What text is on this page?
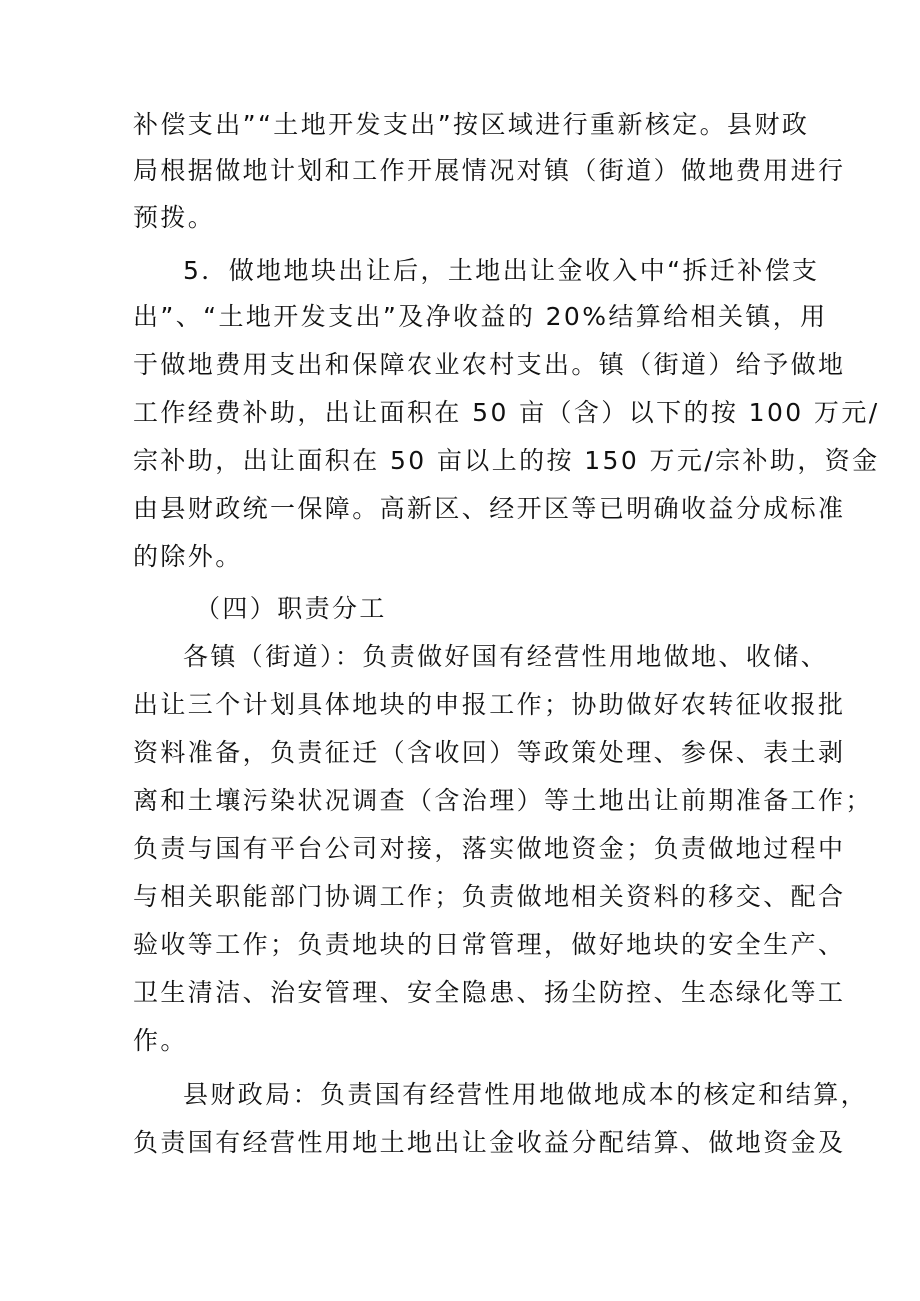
补偿支出”“土地开发支出”按区域进行重新核定。县财政
局根据做地计划和工作开展情况对镇（街道）做地费用进行
预拨。
5．做地地块出让后，土地出让金收入中“拆迁补偿支
出”、“土地开发支出”及净收益的 20%结算给相关镇，用
于做地费用支出和保障农业农村支出。镇（街道）给予做地
工作经费补助，出让面积在 50 亩（含）以下的按 100 万元/
宗补助，出让面积在 50 亩以上的按 150 万元/宗补助，资金
由县财政统一保障。高新区、经开区等已明确收益分成标准
的除外。
（四）职责分工
各镇（街道）：负责做好国有经营性用地做地、收储、
出让三个计划具体地块的申报工作；协助做好农转征收报批
资料准备，负责征迁（含收回）等政策处理、参保、表土剥
离和土壤污染状况调查（含治理）等土地出让前期准备工作；
负责与国有平台公司对接，落实做地资金；负责做地过程中
与相关职能部门协调工作；负责做地相关资料的移交、配合
验收等工作；负责地块的日常管理，做好地块的安全生产、
卫生清洁、治安管理、安全隐患、扬尘防控、生态绿化等工
作。
县财政局：负责国有经营性用地做地成本的核定和结算，
负责国有经营性用地土地出让金收益分配结算、做地资金及
